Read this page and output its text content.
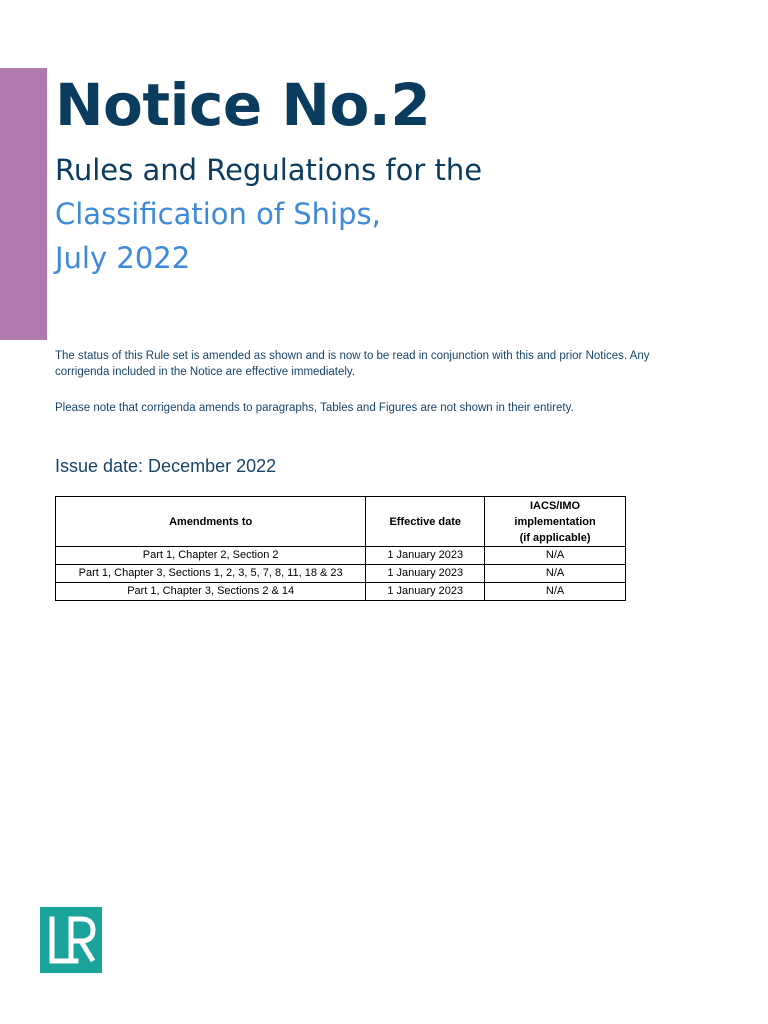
Notice No.2
Rules and Regulations for the
Classification of Ships,
July 2022

The status of this Rule set is amended as shown and is now to be read in conjunction with this and prior Notices. Any corrigenda included in the Notice are effective immediately.

Please note that corrigenda amends to paragraphs, Tables and Figures are not shown in their entirety.

Issue date: December 2022

Amendments to	Effective date	IACS/IMO
implementation
(if applicable)
Part 1, Chapter 2, Section 2	1 January 2023	N/A
Part 1, Chapter 3, Sections 1, 2, 3, 5, 7, 8, 11, 18 & 23	1 January 2023	N/A
Part 1, Chapter 3, Sections 2 & 14	1 January 2023	N/A
